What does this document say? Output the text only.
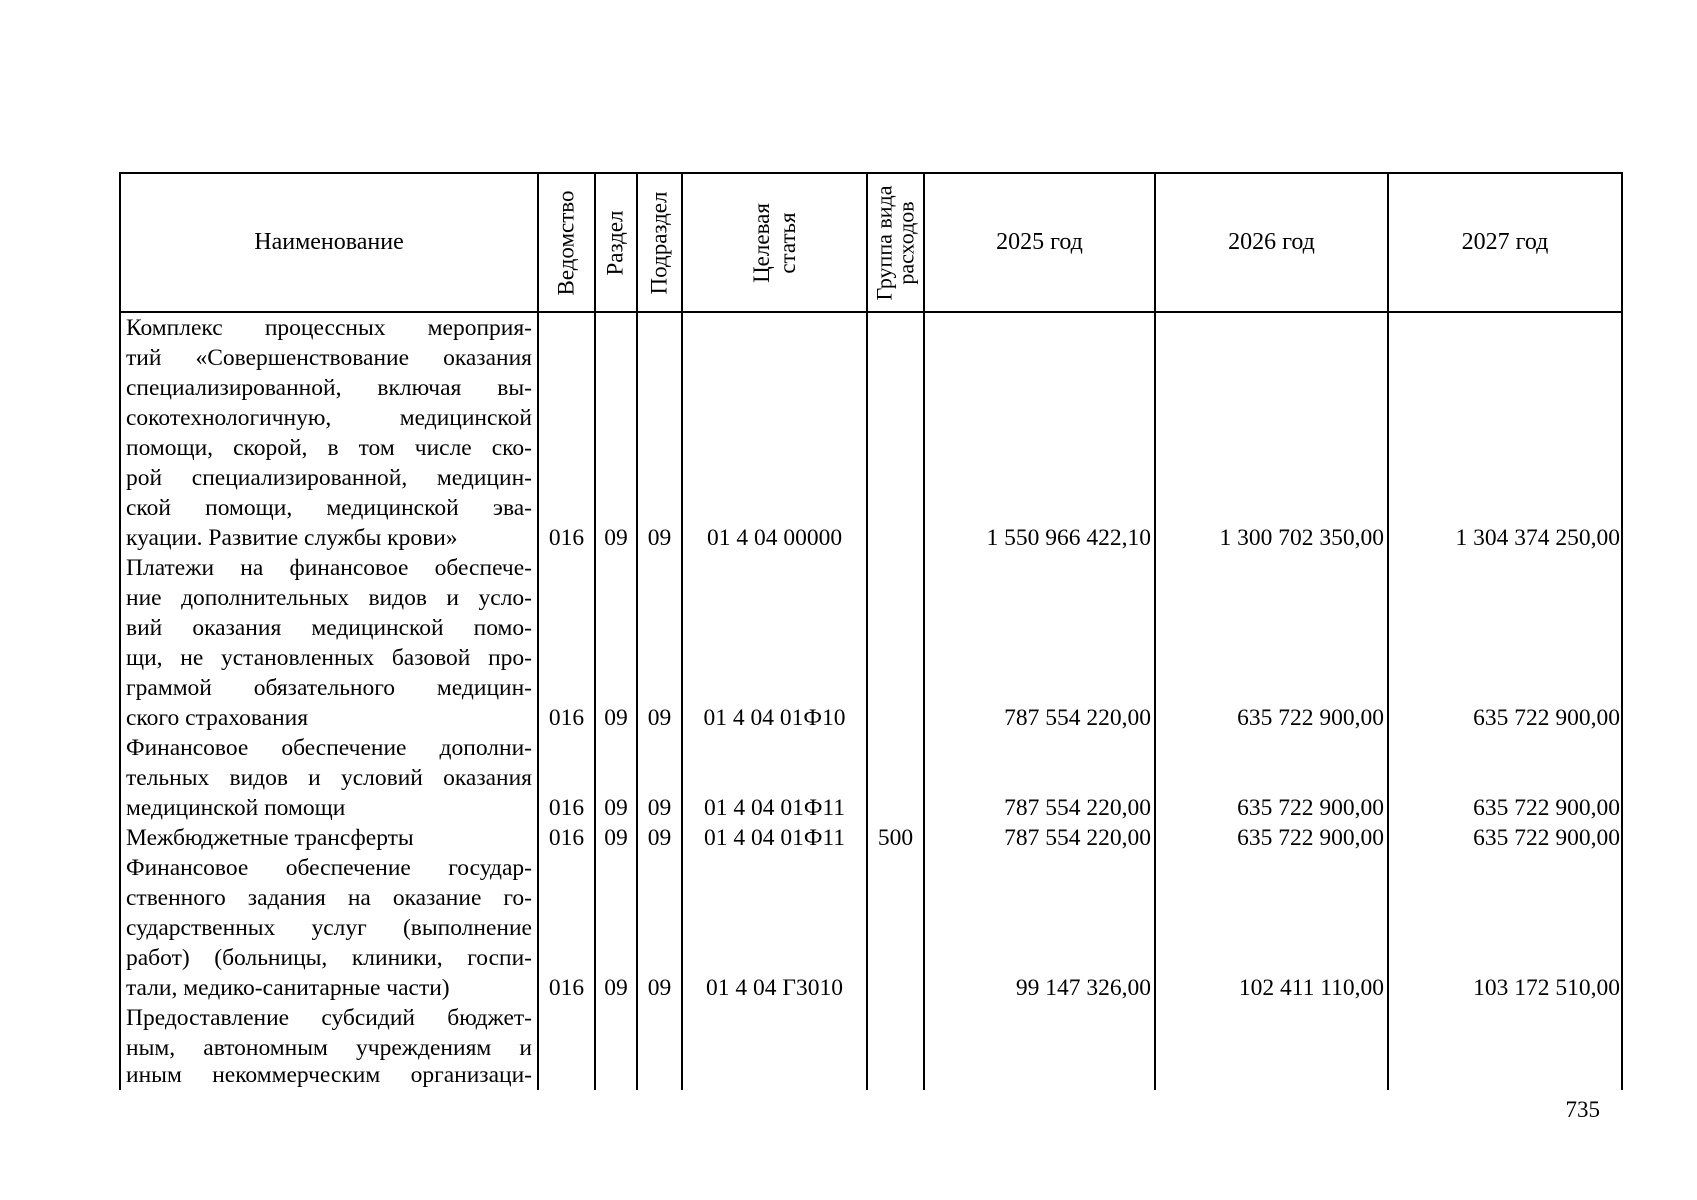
Наименование	Ведомство Раздел Подраздел	Целевая статья	Группа вида
расходов	2025 год	2026 год	2027 год
Комплекс процессных мероприя-
тий «Совершенствование оказания
специализированной, включая вы-
сокотехнологичную, медицинской
помощи, скорой, в том числе ско-
рой специализированной, медицин-
ской помощи, медицинской эва-
куации. Развитие службы крови»	016 09 09	01 4 04 00000	1 550 966 422,10	1 300 702 350,00	1 304 374 250,00
Платежи на финансовое обеспече-
ние дополнительных видов и усло-
вий оказания медицинской помо-
щи, не установленных базовой про-
граммой обязательного медицин-
ского страхования	016 09 09	01 4 04 01Ф10	787 554 220,00	635 722 900,00	635 722 900,00
Финансовое обеспечение дополни-
тельных видов и условий оказания
медицинской помощи	016 09 09	01 4 04 01Ф11	787 554 220,00	635 722 900,00	635 722 900,00
Межбюджетные трансферты	016 09 09	01 4 04 01Ф11	500	787 554 220,00	635 722 900,00	635 722 900,00
Финансовое обеспечение государ-
ственного задания на оказание го-
сударственных услуг (выполнение
работ) (больницы, клиники, госпи-
тали, медико-санитарные части)	016 09 09	01 4 04 Г3010	99 147 326,00	102 411 110,00	103 172 510,00
Предоставление субсидий бюджет-
ным, автономным учреждениям и
иным некоммерческим организаци-
735
